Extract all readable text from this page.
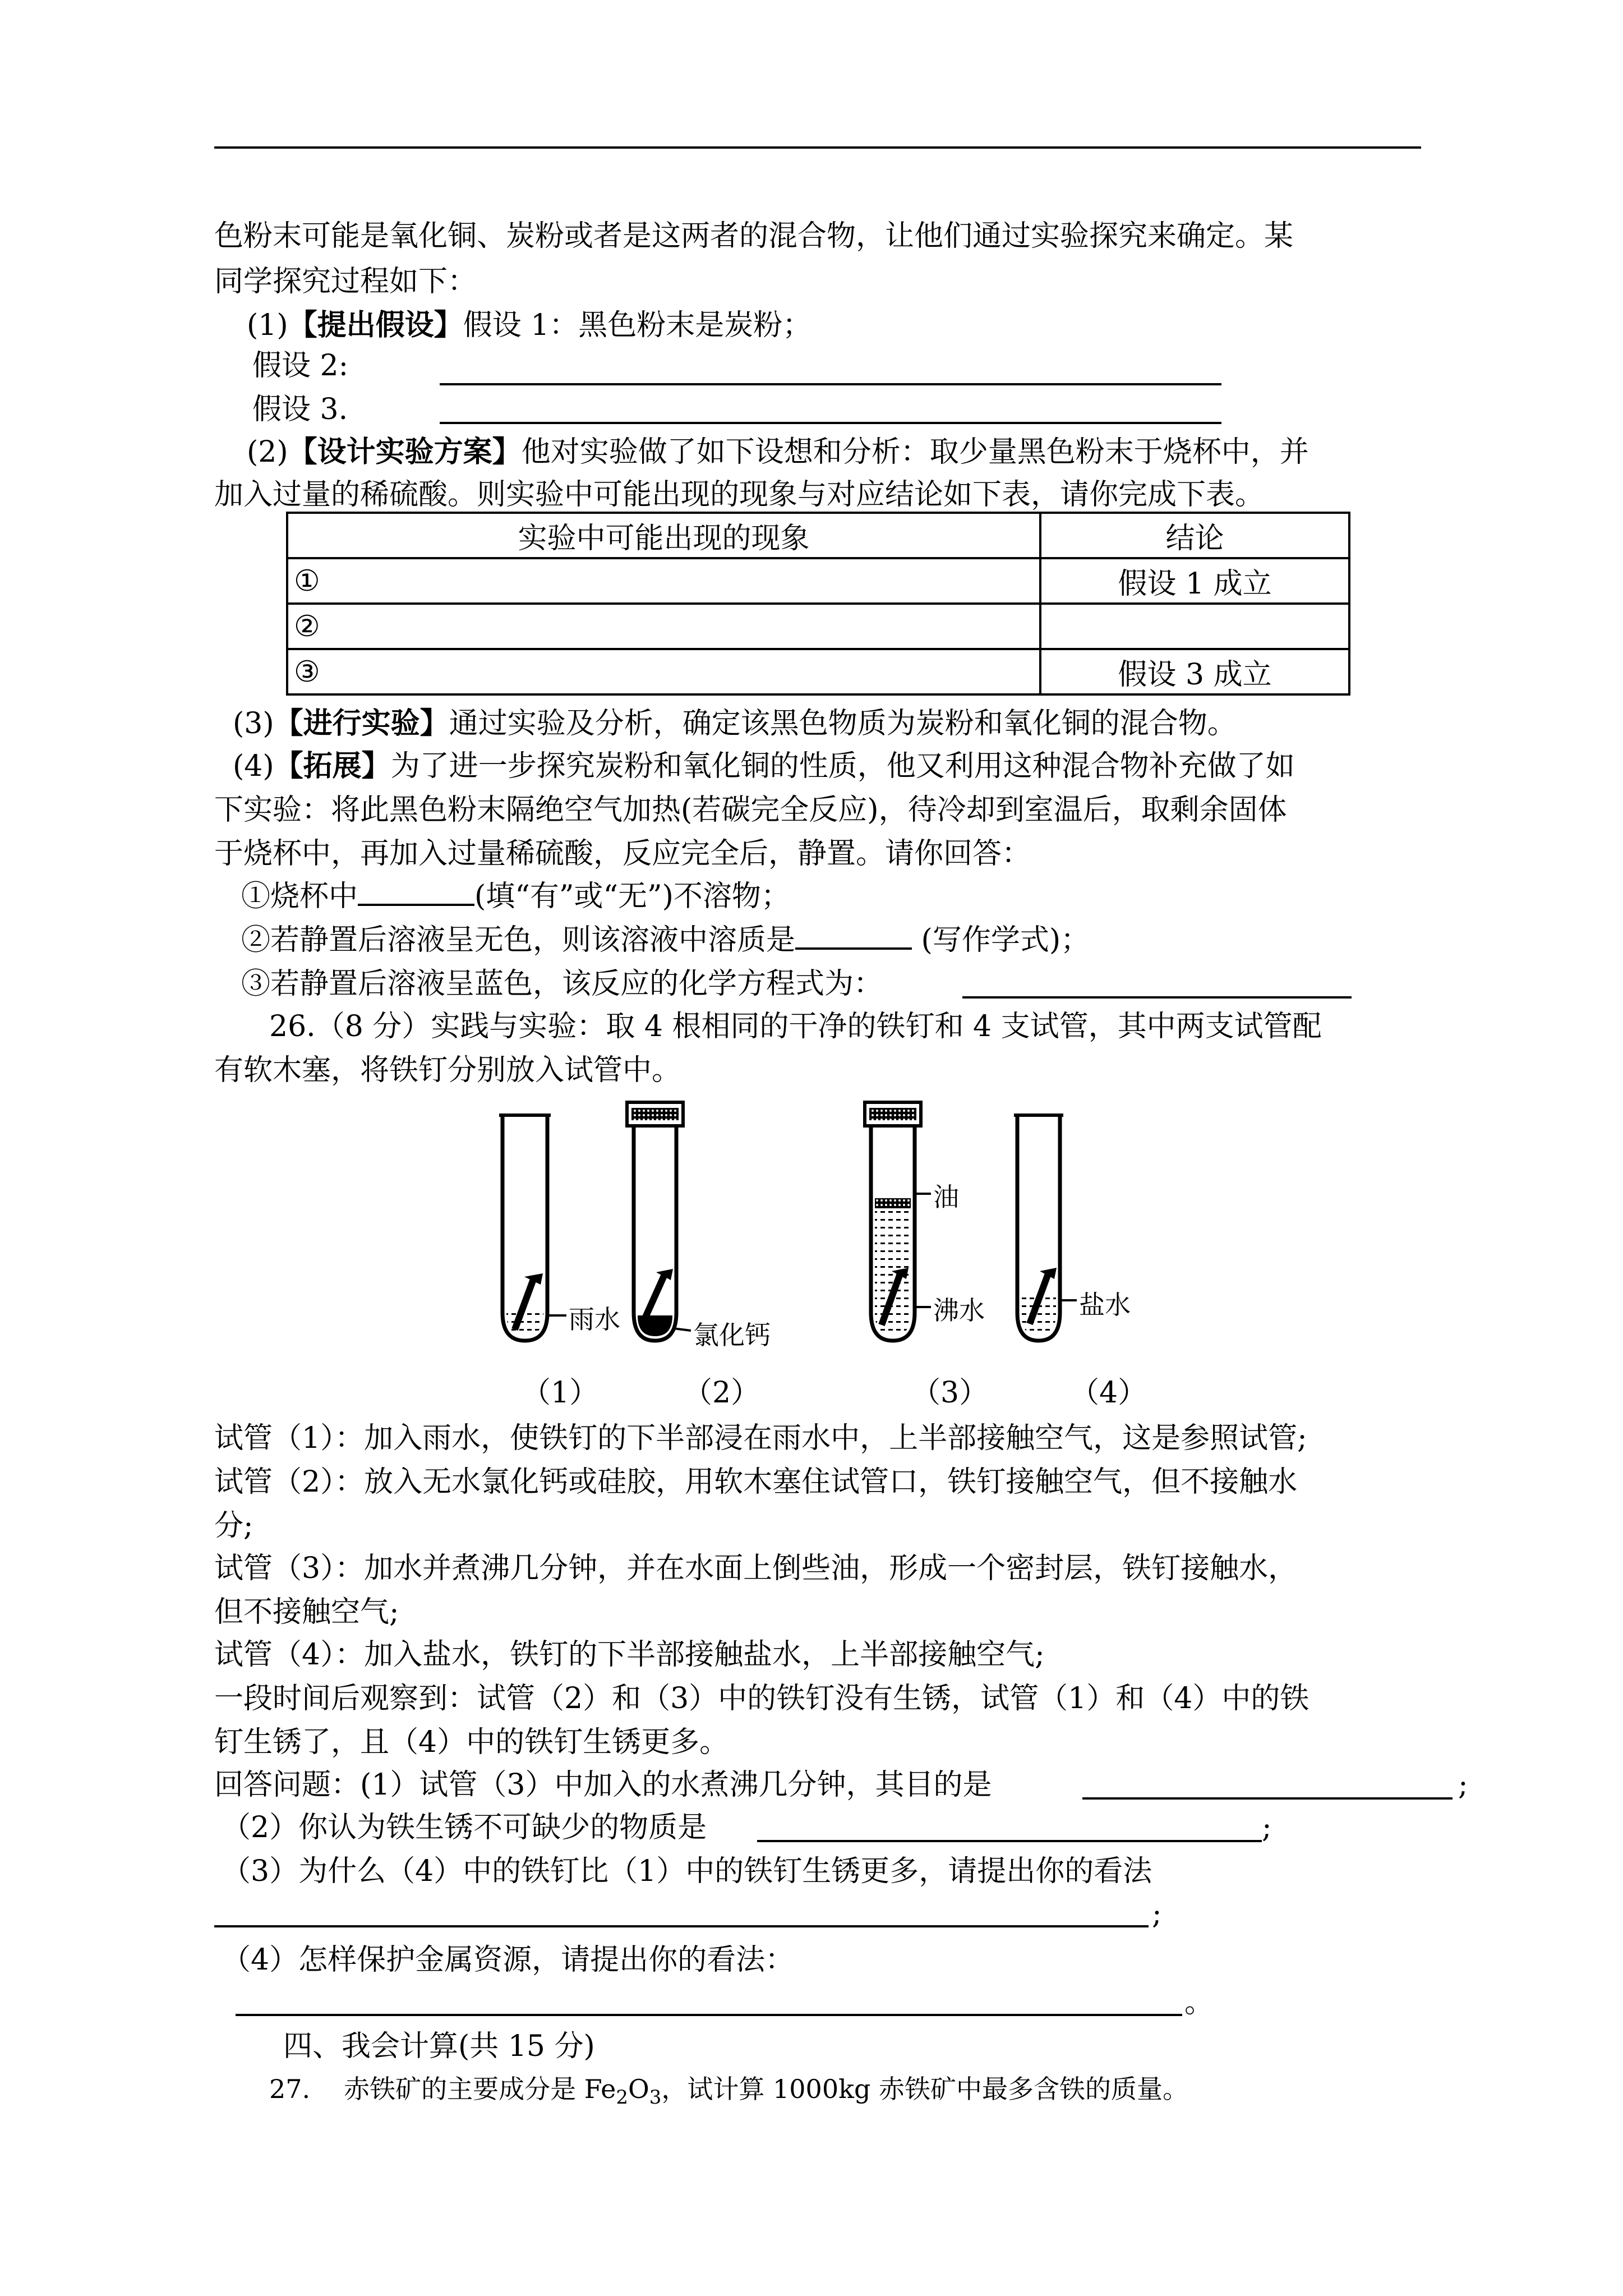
色粉末可能是氧化铜、炭粉或者是这两者的混合物，让他们通过实验探究来确定。某
同学探究过程如下：
(1)【提出假设】假设 1：黑色粉末是炭粉；
假设 2:
假设 3.
(2)【设计实验方案】他对实验做了如下设想和分析：取少量黑色粉末于烧杯中，并
加入过量的稀硫酸。则实验中可能出现的现象与对应结论如下表，请你完成下表。
实验中可能出现的现象	结论
①	假设 1 成立
②	
③	假设 3 成立
(3)【进行实验】通过实验及分析，确定该黑色物质为炭粉和氧化铜的混合物。
(4)【拓展】为了进一步探究炭粉和氧化铜的性质，他又利用这种混合物补充做了如
下实验：将此黑色粉末隔绝空气加热(若碳完全反应)，待冷却到室温后，取剩余固体
于烧杯中，再加入过量稀硫酸，反应完全后，静置。请你回答：
①烧杯中	(填“有”或“无”)不溶物；
②若静置后溶液呈无色，则该溶液中溶质是	(写作学式)；
③若静置后溶液呈蓝色，该反应的化学方程式为：
26.（8 分）实践与实验：取 4 根相同的干净的铁钉和 4 支试管，其中两支试管配
有软木塞，将铁钉分别放入试管中。
雨水
氯化钙
油
沸水	盐水
（1）	（2）	（3）	（4）
试管（1）：加入雨水，使铁钉的下半部浸在雨水中，上半部接触空气，这是参照试管;
试管（2）：放入无水氯化钙或硅胶，用软木塞住试管口，铁钉接触空气，但不接触水
分;
试管（3）：加水并煮沸几分钟，并在水面上倒些油，形成一个密封层，铁钉接触水，
但不接触空气;
试管（4）：加入盐水，铁钉的下半部接触盐水，上半部接触空气;
一段时间后观察到：试管（2）和（3）中的铁钉没有生锈，试管（1）和（4）中的铁
钉生锈了，且（4）中的铁钉生锈更多。
回答问题：(1）试管（3）中加入的水煮沸几分钟，其目的是	;
（2）你认为铁生锈不可缺少的物质是	;
（3）为什么（4）中的铁钉比（1）中的铁钉生锈更多，请提出你的看法
;
（4）怎样保护金属资源，请提出你的看法：
。
四、我会计算(共 15 分)
27. 赤铁矿的主要成分是 $Fe_2O_3$，试计算 1000kg 赤铁矿中最多含铁的质量。
